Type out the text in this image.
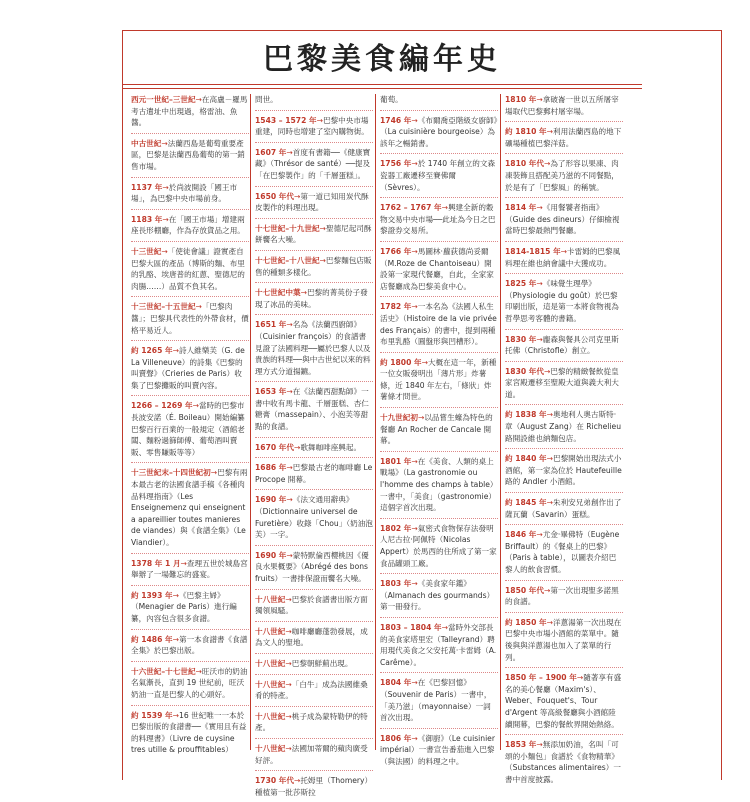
巴黎美食編年史
西元一世紀–三世紀→在高盧－羅馬考古遺址中出現過，格雷油、魚醬。
中古世紀→法蘭西島是葡萄重要產區，巴黎是法蘭西島葡萄的第一銷售市場。
1137 年→於尚波開設「國王市場」，為巴黎中央市場前身。
1183 年→在「國王市場」增建兩座長形棚廳，作為存放貨品之用。
十三世紀→「使徒會議」證實產自巴黎大區的產品（博斯的麵、布里的乳酪、埃唐普的紅蔥、聖德尼的肉腸……）品質不負其名。
十三世紀–十五世紀→「巴黎肉醬」；巴黎具代表性的外帶食材，價格平易近人。
約 1265 年→詩人維樂芙（G. de La Villeneuve）的詩集《巴黎的叫賣聲》（Crieries de Paris）收集了巴黎攤販的叫賣內容。
1266 – 1269 年→當時的巴黎市長波安諾（É. Boileau）開始編纂巴黎百行百業的一般規定（酒館老闆、麵粉過篩師傅、葡萄酒叫賣販、零售賺販等等）
十三世紀末–十四世紀初→巴黎有兩本最古老的法國食譜手稿《各種肉品料理指南》（Les Enseignemenz qui enseignent a apareillier toutes manieres de viandes）與《食譜全集》（Le Viandier）。
1378 年 1 月→查理五世於城島宮舉辦了一場難忘的盛宴。
約 1393 年→《巴黎主婦》（Menagier de Paris）進行編纂，內容包含很多食譜。
約 1486 年→第一本食譜書《食譜全集》於巴黎出版。
十六世紀–十七世紀→旺沃市的奶油名氣漸長，直到 19 世紀前，旺沃奶油一直是巴黎人的心頭好。
約 1539 年→16 世紀唯一一本於巴黎出版的食譜書──《實用且有益的料理書》（Livre de cuysine tres utille & prouffitables）
問世。
1543 – 1572 年→巴黎中央市場重建，同時也增建了室內購物街。
1607 年→首度有書籍──《健康寶藏》（Thrésor de santé）──提及「在巴黎製作」的「千層蛋糕」。
1650 年代→第一道已知用炭代酥皮製作的料理出現。
十七世紀–十九世紀→聖德尼起司酥餅饗名大噪。
十七世紀–十八世紀→巴黎麵包店販售的種類多樣化。
十七世紀中葉→巴黎的菁英份子發現了冰品的美味。
1651 年→名為《法蘭西廚師》（Cuisinier françois）的食譜書見證了法國料理──屬於巴黎人以及貴族的料理──與中古世紀以來的料理方式分道揚鑣。
1653 年→在《法蘭西甜點師》一書中收有馬卡龍、千層蛋糕、杏仁糖膏（massepain）、小泡芙等甜點的食譜。
1670 年代→歌舞咖啡座興起。
1686 年→巴黎最古老的咖啡廳 Le Procope 開幕。
1690 年→《法文通用辭典》（Dictionnaire universel de Furetière）收錄「Chou」（奶油泡芙）一字。
1690 年→蒙特默倫西櫻桃因《優良水果概要》（Abrégé des bons fruits）一書排保證而饗名大噪。
十八世紀→巴黎於食譜書出版方面獨領風騷。
十八世紀→咖啡廳廳蓬勃發展，成為文人的聖地。
十八世紀→巴黎朝鮮薊出現。
十八世紀→「白牛」成為法國維桑肴的特產。
十八世紀→桃子成為蒙特勒伊的特產。
十八世紀→法國加蒂爾的蘋肉廣受好評。
1730 年代→托姆里（Thomery）種植第一批莎斯拉
葡萄。
1746 年→《布爾喬亞階級女廚師》（La cuisinière bourgeoise）為該年之暢銷書。
1756 年→於 1740 年創立的文森瓷器工廠遷移至賽佛爾（Sèvres）。
1762 – 1767 年→興建全新的穀物交易中央市場──此址為今日之巴黎證券交易所。
1766 年→馬圖林‧蘿荻德尚妥爾（M.Roze de Chantoiseau）開設第一家現代餐廳，自此，全家家店餐廳成為巴黎美食中心。
1782 年→一本名為《法國人私生活史》（Histoire de la vie privée des Français）的書中，提到兩種布里乳酪（圓盤形與凹槽形）。
約 1800 年→大概在這一年，新種一位女販發明出「薄片形」炸薯條，近 1840 年左右，「條狀」炸薯條才問世。
十九世紀初→以品嘗生蠔為特色的餐廳 An Rocher de Cancale 開幕。
1801 年→在《美食、人類的桌上戰場》（La gastronomie ou l'homme des champs à table）一書中，「美食」（gastronomie）這個字首次出現。
1802 年→氣密式食物保存法發明人尼古拉‧阿佩特（Nicolas Appert）於馬西的住所成了第一家食品罐頭工廠。
1803 年→《美食家年鑑》（Almanach des gourmands）第一冊發行。
1803 – 1804 年→當時外交部長的美食家塔里宏（Talleyrand）聘用現代美食之父安托萬‧卡雷姆（A. Carême）。
1804 年→在《巴黎回憶》（Souvenir de Paris）一書中，「美乃滋」（mayonnaise）一詞首次出現。
1806 年→《御廚》（Le cuisinier impérial）一書宣告番茄進入巴黎（與法國）的料理之中。
1810 年→拿破崙一世以五所屠宰場取代巴黎郵村屠宰場。
約 1810 年→利用法蘭西島的地下礦場種植巴黎洋菇。
1810 年代→為了形容以果凍、肉凍裝飾且搭配美乃滋的不同餐點，於是有了「巴黎風」的稱號。
1814 年→《用餐饕者指南》（Guide des dineurs）仔細檢視當時巴黎最熱門餐廳。
1814-1815 年→卡雷姆的巴黎風料理在維也納會議中大獲成功。
1825 年→《味覺生理學》（Physiologie du goût）於巴黎印刷出版，這是第一本將食物視為哲學思考客體的書籍。
1830 年→龐森與餐具公司克里斯托佛（Christofle）創立。
1830 年代→巴黎的精緻餐飲從皇家宮殿遷移至聖殿大道與義大利大道。
約 1838 年→奧地利人奧古斯特‧章（August Zang）在 Richelieu 路開設維也納麵包店。
約 1840 年→巴黎開始出現法式小酒館，第一家為位於 Hautefeuille 路的 Andler 小酒館。
約 1845 年→朱利安兄弟創作出了薩瓦蘭（Savarin）蛋糕。
1846 年→尤金‧畢佛特（Eugène Briffault）的《餐桌上的巴黎》（Paris à table），以圖表介紹巴黎人的飲食習慣。
1850 年代→第一次出現聖多諾黑的食譜。
約 1850 年→洋蔥湯第一次出現在巴黎中央市場小酒館的菜單中。隨後與與洋蔥湯也加入了菜單的行列。
1850 年 – 1900 年→隨著享有盛名的美心餐廳（Maxim's）、Weber、Fouquet's、Tour d'Argent 等高級餐廳與小酒館陸續開幕，巴黎的餐飲界開始熱絡。
1853 年→無添加奶油，名叫「可頌的小麵包」食譜於《食物精華》（Substances alimentaires）一書中首度披露。
